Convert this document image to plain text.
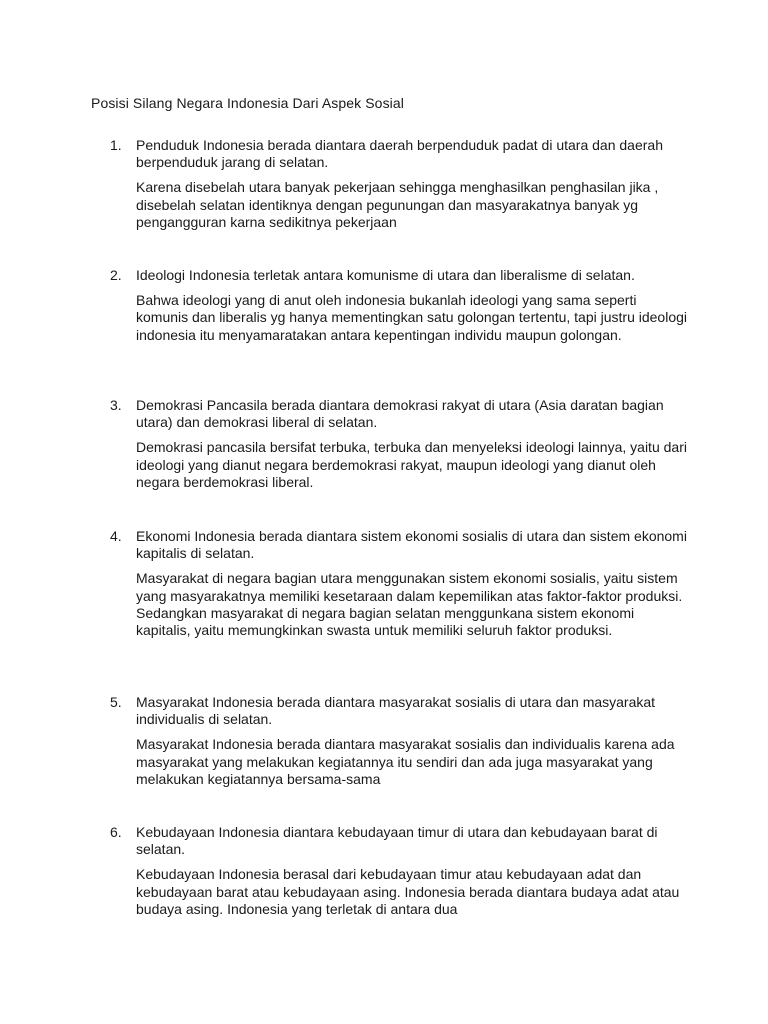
Posisi Silang Negara Indonesia Dari Aspek Sosial
1.	Penduduk Indonesia berada diantara daerah berpenduduk padat di utara dan daerah berpenduduk jarang di selatan.
Karena disebelah utara banyak pekerjaan sehingga menghasilkan penghasilan jika , disebelah selatan identiknya dengan pegunungan dan masyarakatnya banyak yg pengangguran karna sedikitnya pekerjaan
2.	Ideologi Indonesia terletak antara komunisme di utara dan liberalisme di selatan.
Bahwa ideologi yang di anut oleh indonesia bukanlah ideologi yang sama seperti komunis dan liberalis yg hanya mementingkan satu golongan tertentu, tapi justru ideologi indonesia itu menyamaratakan antara kepentingan individu maupun golongan.
3.	Demokrasi Pancasila berada diantara demokrasi rakyat di utara (Asia daratan bagian utara) dan demokrasi liberal di selatan.
Demokrasi pancasila bersifat terbuka, terbuka dan menyeleksi ideologi lainnya, yaitu dari ideologi yang dianut negara berdemokrasi rakyat, maupun ideologi yang dianut oleh negara berdemokrasi liberal.
4.	Ekonomi Indonesia berada diantara sistem ekonomi sosialis di utara dan sistem ekonomi kapitalis di selatan.
Masyarakat di negara bagian utara menggunakan sistem ekonomi sosialis, yaitu sistem yang masyarakatnya memiliki kesetaraan dalam kepemilikan atas faktor-faktor produksi. Sedangkan masyarakat di negara bagian selatan menggunkana sistem ekonomi kapitalis, yaitu memungkinkan swasta untuk memiliki seluruh faktor produksi.
5.	Masyarakat Indonesia berada diantara masyarakat sosialis di utara dan masyarakat individualis di selatan.
Masyarakat Indonesia berada diantara masyarakat sosialis dan individualis karena ada masyarakat yang melakukan kegiatannya itu sendiri dan ada juga masyarakat yang melakukan kegiatannya bersama-sama
6.	Kebudayaan Indonesia diantara kebudayaan timur di utara dan kebudayaan barat di selatan.
Kebudayaan Indonesia berasal dari kebudayaan timur atau kebudayaan adat dan kebudayaan barat atau kebudayaan asing. Indonesia berada diantara budaya adat atau budaya asing. Indonesia yang terletak di antara dua
